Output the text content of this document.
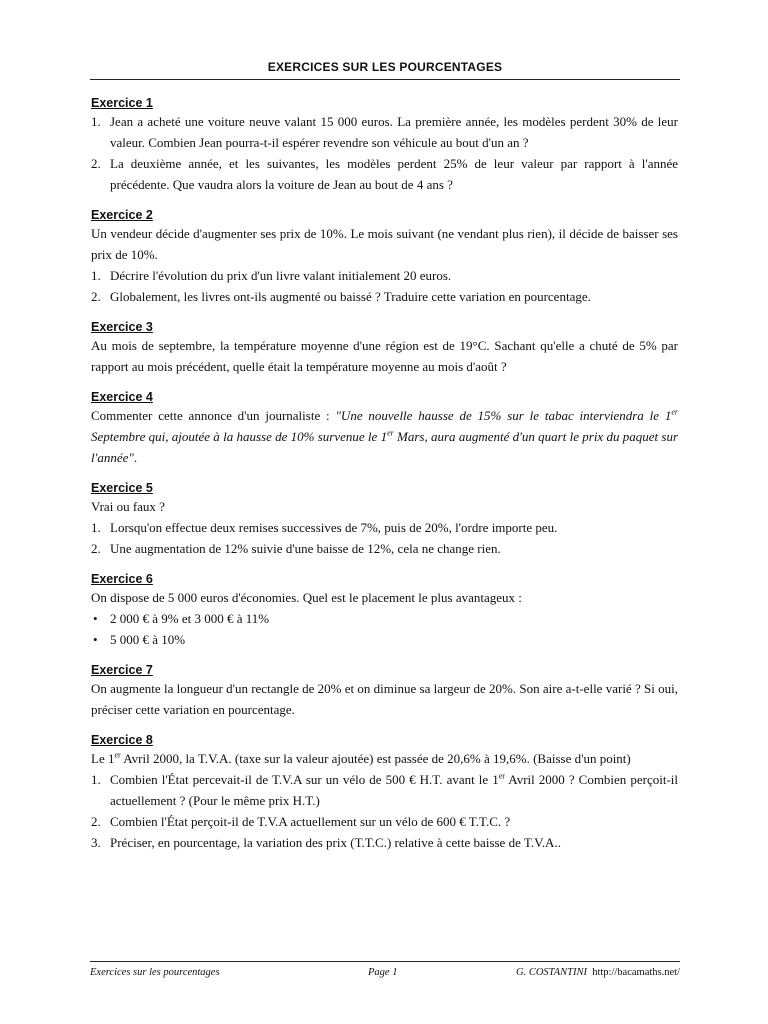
EXERCICES SUR LES POURCENTAGES
Exercice 1
1. Jean a acheté une voiture neuve valant 15 000 euros. La première année, les modèles perdent 30% de leur valeur. Combien Jean pourra-t-il espérer revendre son véhicule au bout d'un an ?
2. La deuxième année, et les suivantes, les modèles perdent 25% de leur valeur par rapport à l'année précédente. Que vaudra alors la voiture de Jean au bout de 4 ans ?
Exercice 2
Un vendeur décide d'augmenter ses prix de 10%. Le mois suivant (ne vendant plus rien), il décide de baisser ses prix de 10%.
1. Décrire l'évolution du prix d'un livre valant initialement 20 euros.
2. Globalement, les livres ont-ils augmenté ou baissé ? Traduire cette variation en pourcentage.
Exercice 3
Au mois de septembre, la température moyenne d'une région est de 19°C. Sachant qu'elle a chuté de 5% par rapport au mois précédent, quelle était la température moyenne au mois d'août ?
Exercice 4
Commenter cette annonce d'un journaliste : "Une nouvelle hausse de 15% sur le tabac interviendra le 1er Septembre qui, ajoutée à la hausse de 10% survenue le 1er Mars, aura augmenté d'un quart le prix du paquet sur l'année".
Exercice 5
Vrai ou faux ?
1. Lorsqu'on effectue deux remises successives de 7%, puis de 20%, l'ordre importe peu.
2. Une augmentation de 12% suivie d'une baisse de 12%, cela ne change rien.
Exercice 6
On dispose de 5 000 euros d'économies. Quel est le placement le plus avantageux :
• 2 000 € à 9% et 3 000 € à 11%
• 5 000 € à 10%
Exercice 7
On augmente la longueur d'un rectangle de 20% et on diminue sa largeur de 20%. Son aire a-t-elle varié ? Si oui, préciser cette variation en pourcentage.
Exercice 8
Le 1er Avril 2000, la T.V.A. (taxe sur la valeur ajoutée) est passée de 20,6% à 19,6%. (Baisse d'un point)
1. Combien l'État percevait-il de T.V.A sur un vélo de 500 € H.T. avant le 1er Avril 2000 ? Combien perçoit-il actuellement ? (Pour le même prix H.T.)
2. Combien l'État perçoit-il de T.V.A actuellement sur un vélo de 600 € T.T.C. ?
3. Préciser, en pourcentage, la variation des prix (T.T.C.) relative à cette baisse de T.V.A..
Exercices sur les pourcentages	Page 1	G. COSTANTINI http://bacamaths.net/
